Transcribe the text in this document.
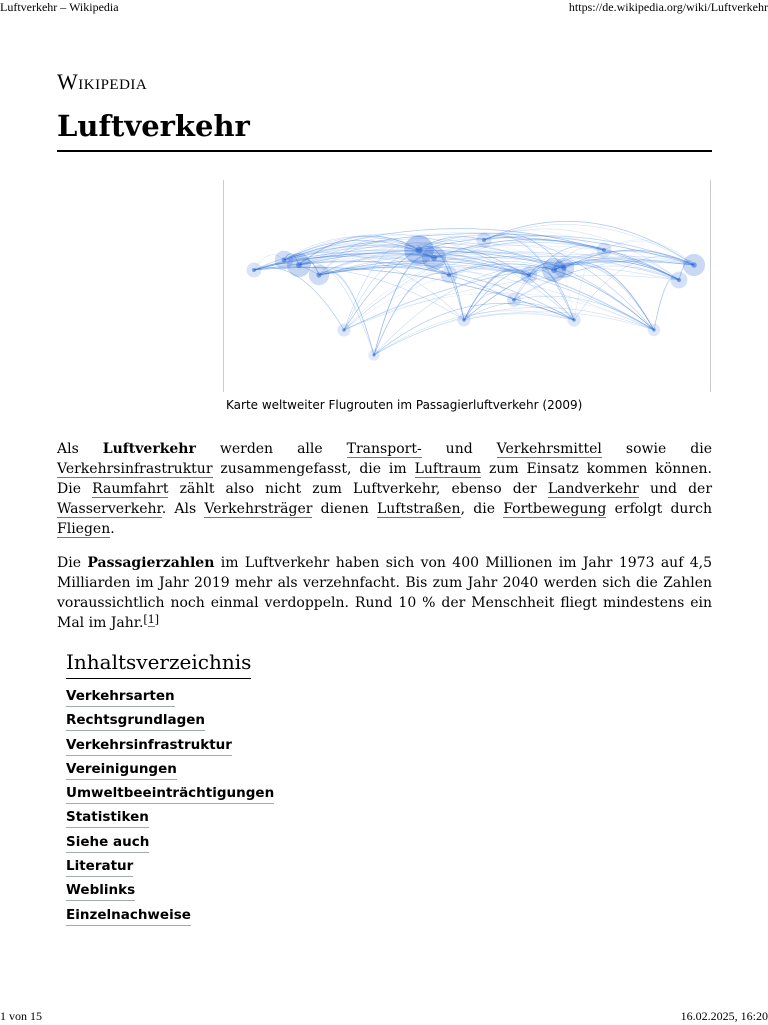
Luftverkehr – Wikipedia	https://de.wikipedia.org/wiki/Luftverkehr
Wikipedia
Luftverkehr
Karte weltweiter Flugrouten im Passagierluftverkehr (2009)

Als Luftverkehr werden alle Transport- und Verkehrsmittel sowie die Verkehrsinfrastruktur zusammengefasst, die im Luftraum zum Einsatz kommen können. Die Raumfahrt zählt also nicht zum Luftverkehr, ebenso der Landverkehr und der Wasserverkehr. Als Verkehrsträger dienen Luftstraßen, die Fortbewegung erfolgt durch Fliegen.

Die Passagierzahlen im Luftverkehr haben sich von 400 Millionen im Jahr 1973 auf 4,5 Milliarden im Jahr 2019 mehr als verzehnfacht. Bis zum Jahr 2040 werden sich die Zahlen voraussichtlich noch einmal verdoppeln. Rund 10 % der Menschheit fliegt mindestens ein Mal im Jahr.[1]

Inhaltsverzeichnis
Verkehrsarten
Rechtsgrundlagen
Verkehrsinfrastruktur
Vereinigungen
Umweltbeeinträchtigungen
Statistiken
Siehe auch
Literatur
Weblinks
Einzelnachweise
1 von 15	16.02.2025, 16:20
